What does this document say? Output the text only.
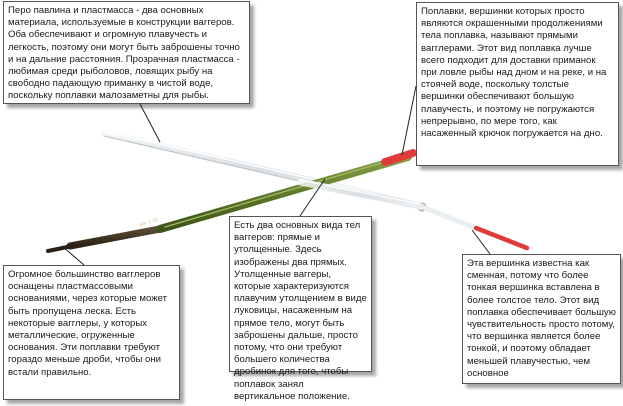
ваг..1.25
Перо павлина и пластмасса - два основных материала, используемые в конструкции ваггеров. Оба обеспечивают и огромную плавучесть и легкость, поэтому они могут быть заброшены точно и на дальние расстояния. Прозрачная пластмасса - любимая среди рыболовов, ловящих рыбу на свободно падающую приманку в чистой воде, поскольку поплавки малозаметны для рыбы.
Поплавки, вершинки которых просто являются окрашенными продолжениями тела поплавка, называют прямыми вагглерами. Этот вид поплавка лучше всего подходит для доставки приманок при ловле рыбы над дном и на реке, и на стоячей воде, поскольку толстые вершинки обеспечивают большую плавучесть, и поэтому не погружаются непрерывно, по мере того, как насаженный крючок погружается на дно.
Есть два основных вида тел ваггеров: прямые и утолщенные. Здесь изображены два прямых. Утолщенные ваггеры, которые характеризуются плавучим утолщением в виде луковицы, насаженным на прямое тело, могут быть заброшены дальше, просто потому, что они требуют большего количества дробинок для того, чтобы поплавок занял вертикальное положение.
Огромное большинство вагглеров оснащены пластмассовыми основаниями, через которые может быть пропущена леска. Есть некоторые вагглеры, у которых металлические, огруженные основания. Эти поплавки требуют гораздо меньше дроби, чтобы они встали правильно.
Эта вершинка известна как сменная, потому что более тонкая вершинка вставлена в более толстое тело. Этот вид поплавка обеспечивает большую чувствительность просто потому, что вершинка является более тонкой, и поэтому обладает меньшей плавучестью, чем основное
